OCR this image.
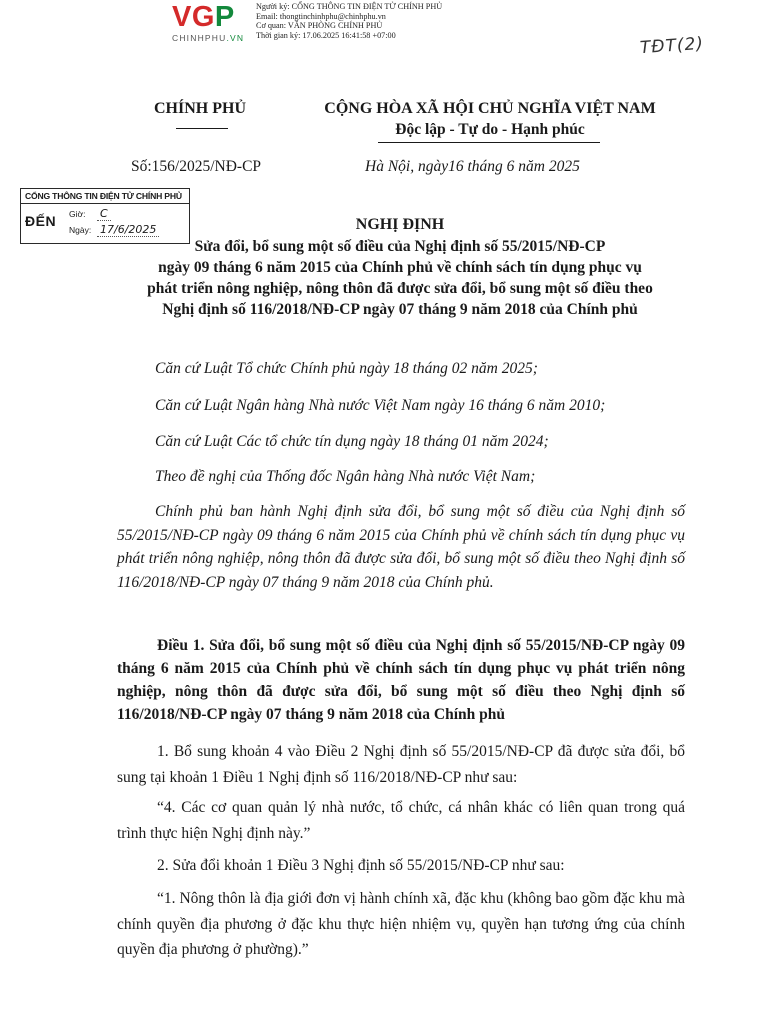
VGP
CHINHPHU.VN
Người ký: CỔNG THÔNG TIN ĐIỆN TỬ CHÍNH PHỦ
Email: thongtinchinhphu@chinhphu.vn
Cơ quan: VĂN PHÒNG CHÍNH PHỦ
Thời gian ký: 17.06.2025 16:41:58 +07:00	TĐT(2)
CHÍNH PHỦ	CỘNG HÒA XÃ HỘI CHỦ NGHĨA VIỆT NAM
Độc lập - Tự do - Hạnh phúc
Số:156/2025/NĐ-CP	Hà Nội, ngày16 tháng 6 năm 2025
CỔNG THÔNG TIN ĐIỆN TỬ CHÍNH PHỦ
ĐẾN Giờ: C
Ngày: 17/6/2025	NGHỊ ĐỊNH
Sửa đổi, bổ sung một số điều của Nghị định số 55/2015/NĐ-CP
ngày 09 tháng 6 năm 2015 của Chính phủ về chính sách tín dụng phục vụ
phát triển nông nghiệp, nông thôn đã được sửa đổi, bổ sung một số điều theo
Nghị định số 116/2018/NĐ-CP ngày 07 tháng 9 năm 2018 của Chính phủ
Căn cứ Luật Tổ chức Chính phủ ngày 18 tháng 02 năm 2025;
Căn cứ Luật Ngân hàng Nhà nước Việt Nam ngày 16 tháng 6 năm 2010;
Căn cứ Luật Các tổ chức tín dụng ngày 18 tháng 01 năm 2024;
Theo đề nghị của Thống đốc Ngân hàng Nhà nước Việt Nam;
Chính phủ ban hành Nghị định sửa đổi, bổ sung một số điều của Nghị định số 55/2015/NĐ-CP ngày 09 tháng 6 năm 2015 của Chính phủ về chính sách tín dụng phục vụ phát triển nông nghiệp, nông thôn đã được sửa đổi, bổ sung một số điều theo Nghị định số 116/2018/NĐ-CP ngày 07 tháng 9 năm 2018 của Chính phủ.
Điều 1. Sửa đổi, bổ sung một số điều của Nghị định số 55/2015/NĐ-CP ngày 09 tháng 6 năm 2015 của Chính phủ về chính sách tín dụng phục vụ phát triển nông nghiệp, nông thôn đã được sửa đổi, bổ sung một số điều theo Nghị định số 116/2018/NĐ-CP ngày 07 tháng 9 năm 2018 của Chính phủ
1. Bổ sung khoản 4 vào Điều 2 Nghị định số 55/2015/NĐ-CP đã được sửa đổi, bổ sung tại khoản 1 Điều 1 Nghị định số 116/2018/NĐ-CP như sau:
“4. Các cơ quan quản lý nhà nước, tổ chức, cá nhân khác có liên quan trong quá trình thực hiện Nghị định này.”
2. Sửa đổi khoản 1 Điều 3 Nghị định số 55/2015/NĐ-CP như sau:
“1. Nông thôn là địa giới đơn vị hành chính xã, đặc khu (không bao gồm đặc khu mà chính quyền địa phương ở đặc khu thực hiện nhiệm vụ, quyền hạn tương ứng của chính quyền địa phương ở phường).”
